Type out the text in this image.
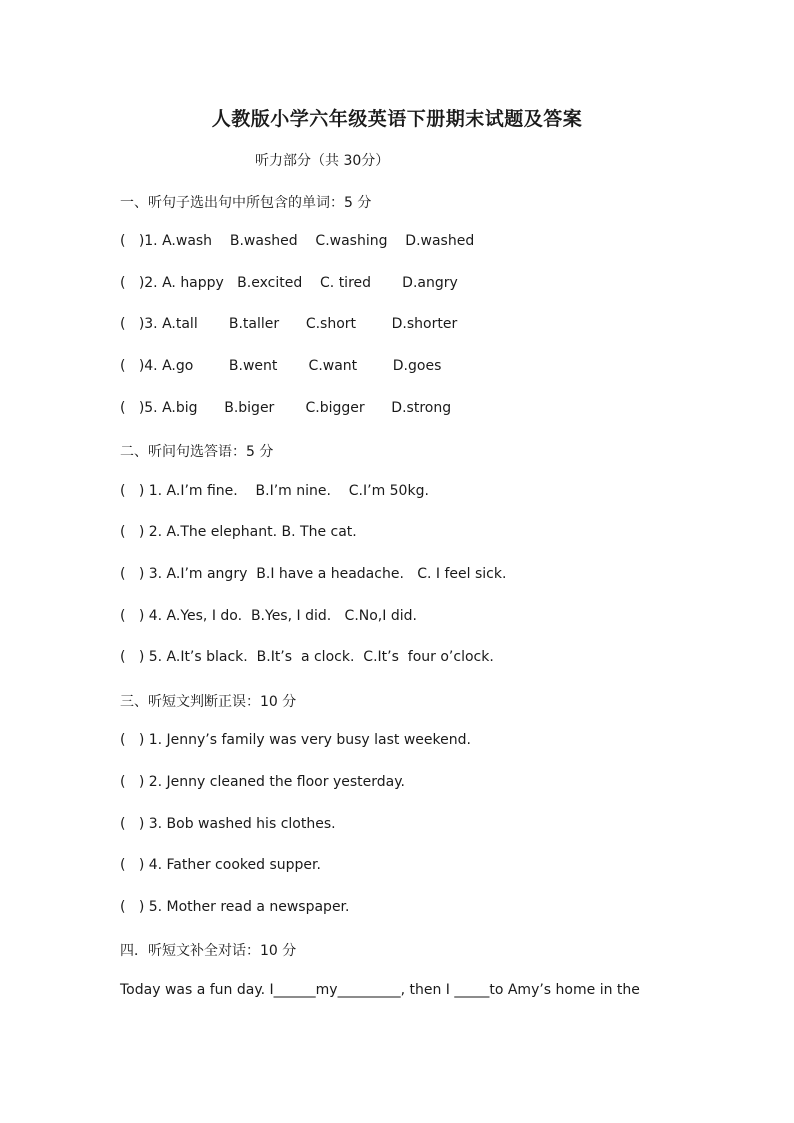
人教版小学六年级英语下册期末试题及答案
听力部分（共 30分）
一、听句子选出句中所包含的单词：5 分
(   )1. A.wash    B.washed    C.washing    D.washed
(   )2. A. happy   B.excited    C. tired       D.angry
(   )3. A.tall       B.taller      C.short        D.shorter
(   )4. A.go        B.went       C.want        D.goes
(   )5. A.big      B.biger       C.bigger      D.strong
二、听问句选答语：5 分
(   ) 1. A.I’m fine.    B.I’m nine.    C.I’m 50kg.
(   ) 2. A.The elephant. B. The cat.
(   ) 3. A.I’m angry  B.I have a headache.   C. I feel sick.
(   ) 4. A.Yes, I do.  B.Yes, I did.   C.No,I did.
(   ) 5. A.It’s black.  B.It’s  a clock.  C.It’s  four o’clock.
三、听短文判断正误：10 分
(   ) 1. Jenny’s family was very busy last weekend.
(   ) 2. Jenny cleaned the floor yesterday.
(   ) 3. Bob washed his clothes.
(   ) 4. Father cooked supper.
(   ) 5. Mother read a newspaper.
四．听短文补全对话：10 分
Today was a fun day. I______my_________, then I _____to Amy’s home in the
